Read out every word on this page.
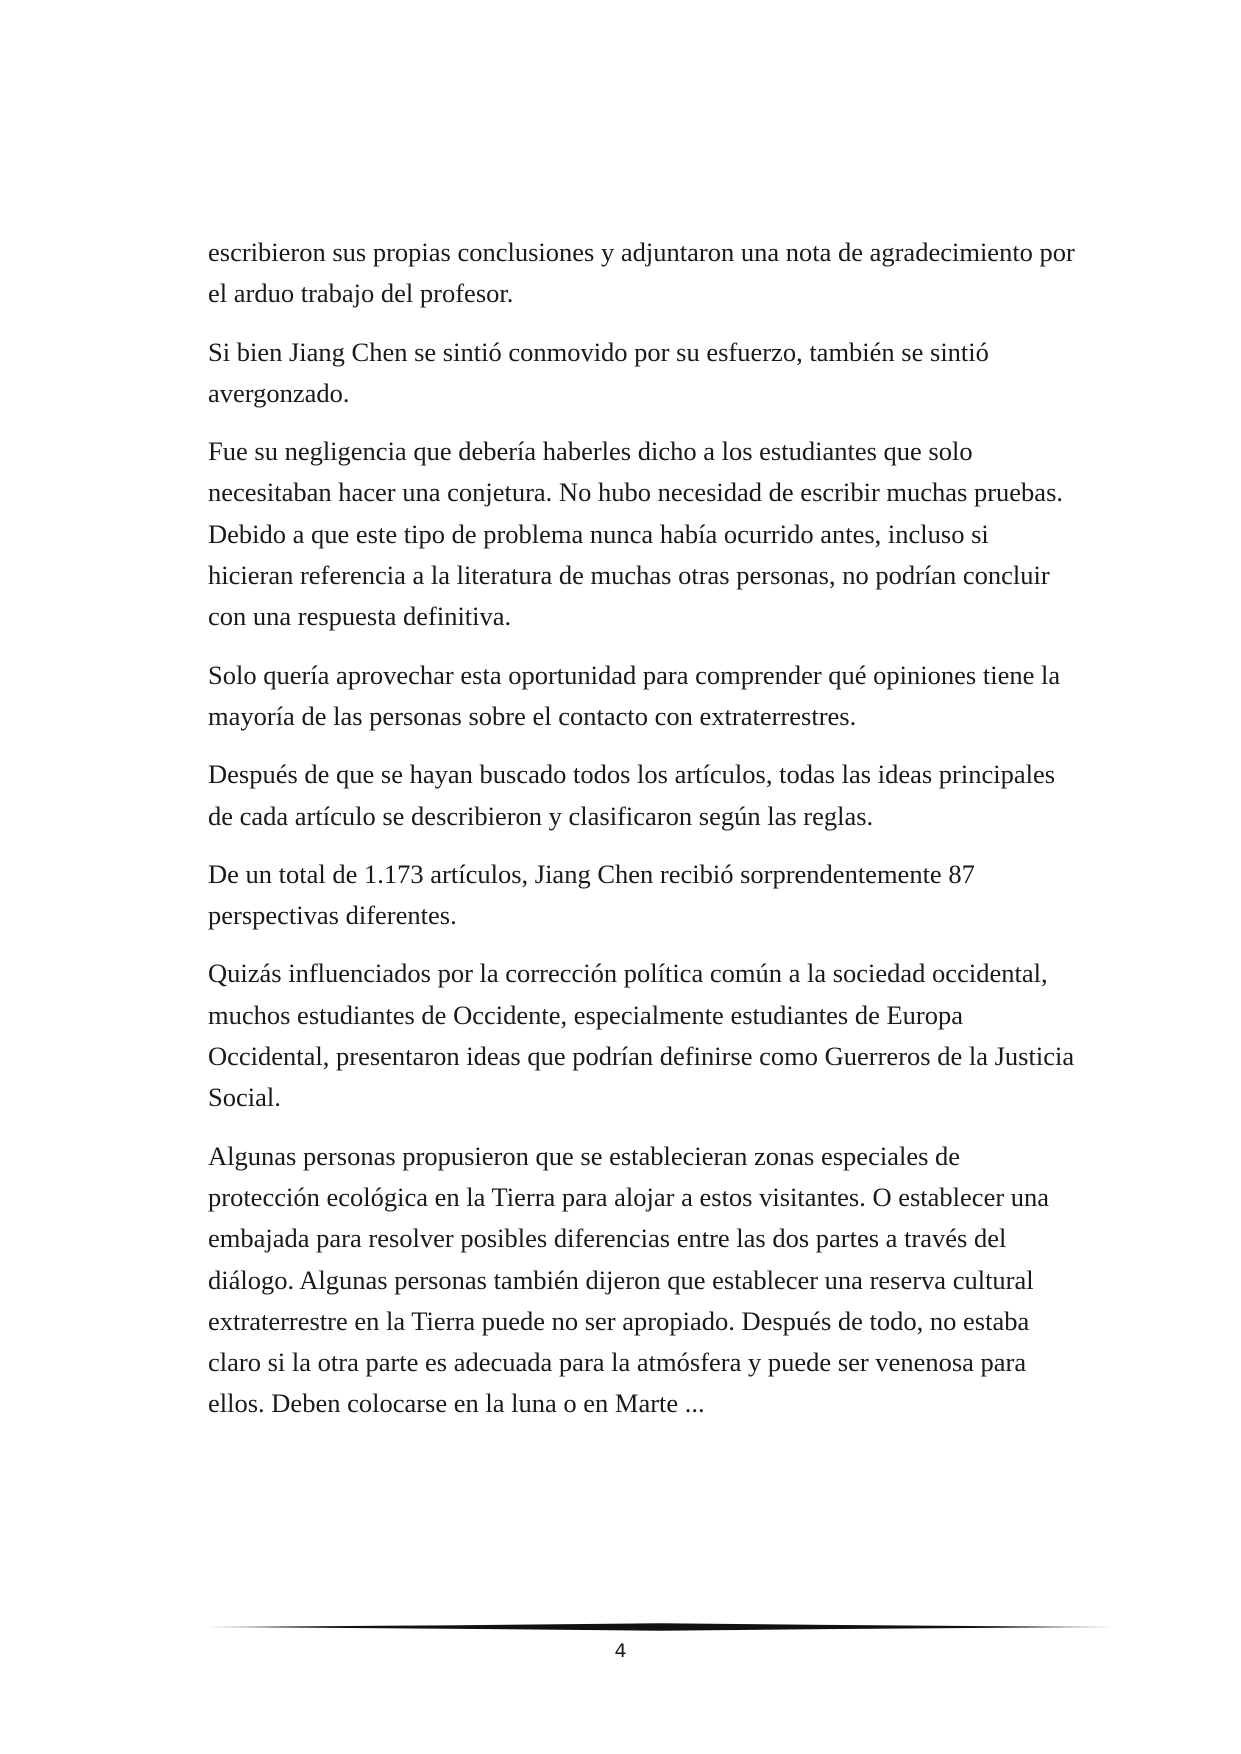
escribieron sus propias conclusiones y adjuntaron una nota de agradecimiento por el arduo trabajo del profesor.

Si bien Jiang Chen se sintió conmovido por su esfuerzo, también se sintió avergonzado.

Fue su negligencia que debería haberles dicho a los estudiantes que solo necesitaban hacer una conjetura. No hubo necesidad de escribir muchas pruebas. Debido a que este tipo de problema nunca había ocurrido antes, incluso si hicieran referencia a la literatura de muchas otras personas, no podrían concluir con una respuesta definitiva.

Solo quería aprovechar esta oportunidad para comprender qué opiniones tiene la mayoría de las personas sobre el contacto con extraterrestres.

Después de que se hayan buscado todos los artículos, todas las ideas principales de cada artículo se describieron y clasificaron según las reglas.

De un total de 1.173 artículos, Jiang Chen recibió sorprendentemente 87 perspectivas diferentes.

Quizás influenciados por la corrección política común a la sociedad occidental, muchos estudiantes de Occidente, especialmente estudiantes de Europa Occidental, presentaron ideas que podrían definirse como Guerreros de la Justicia Social.

Algunas personas propusieron que se establecieran zonas especiales de protección ecológica en la Tierra para alojar a estos visitantes. O establecer una embajada para resolver posibles diferencias entre las dos partes a través del diálogo. Algunas personas también dijeron que establecer una reserva cultural extraterrestre en la Tierra puede no ser apropiado. Después de todo, no estaba claro si la otra parte es adecuada para la atmósfera y puede ser venenosa para ellos. Deben colocarse en la luna o en Marte ...

4
